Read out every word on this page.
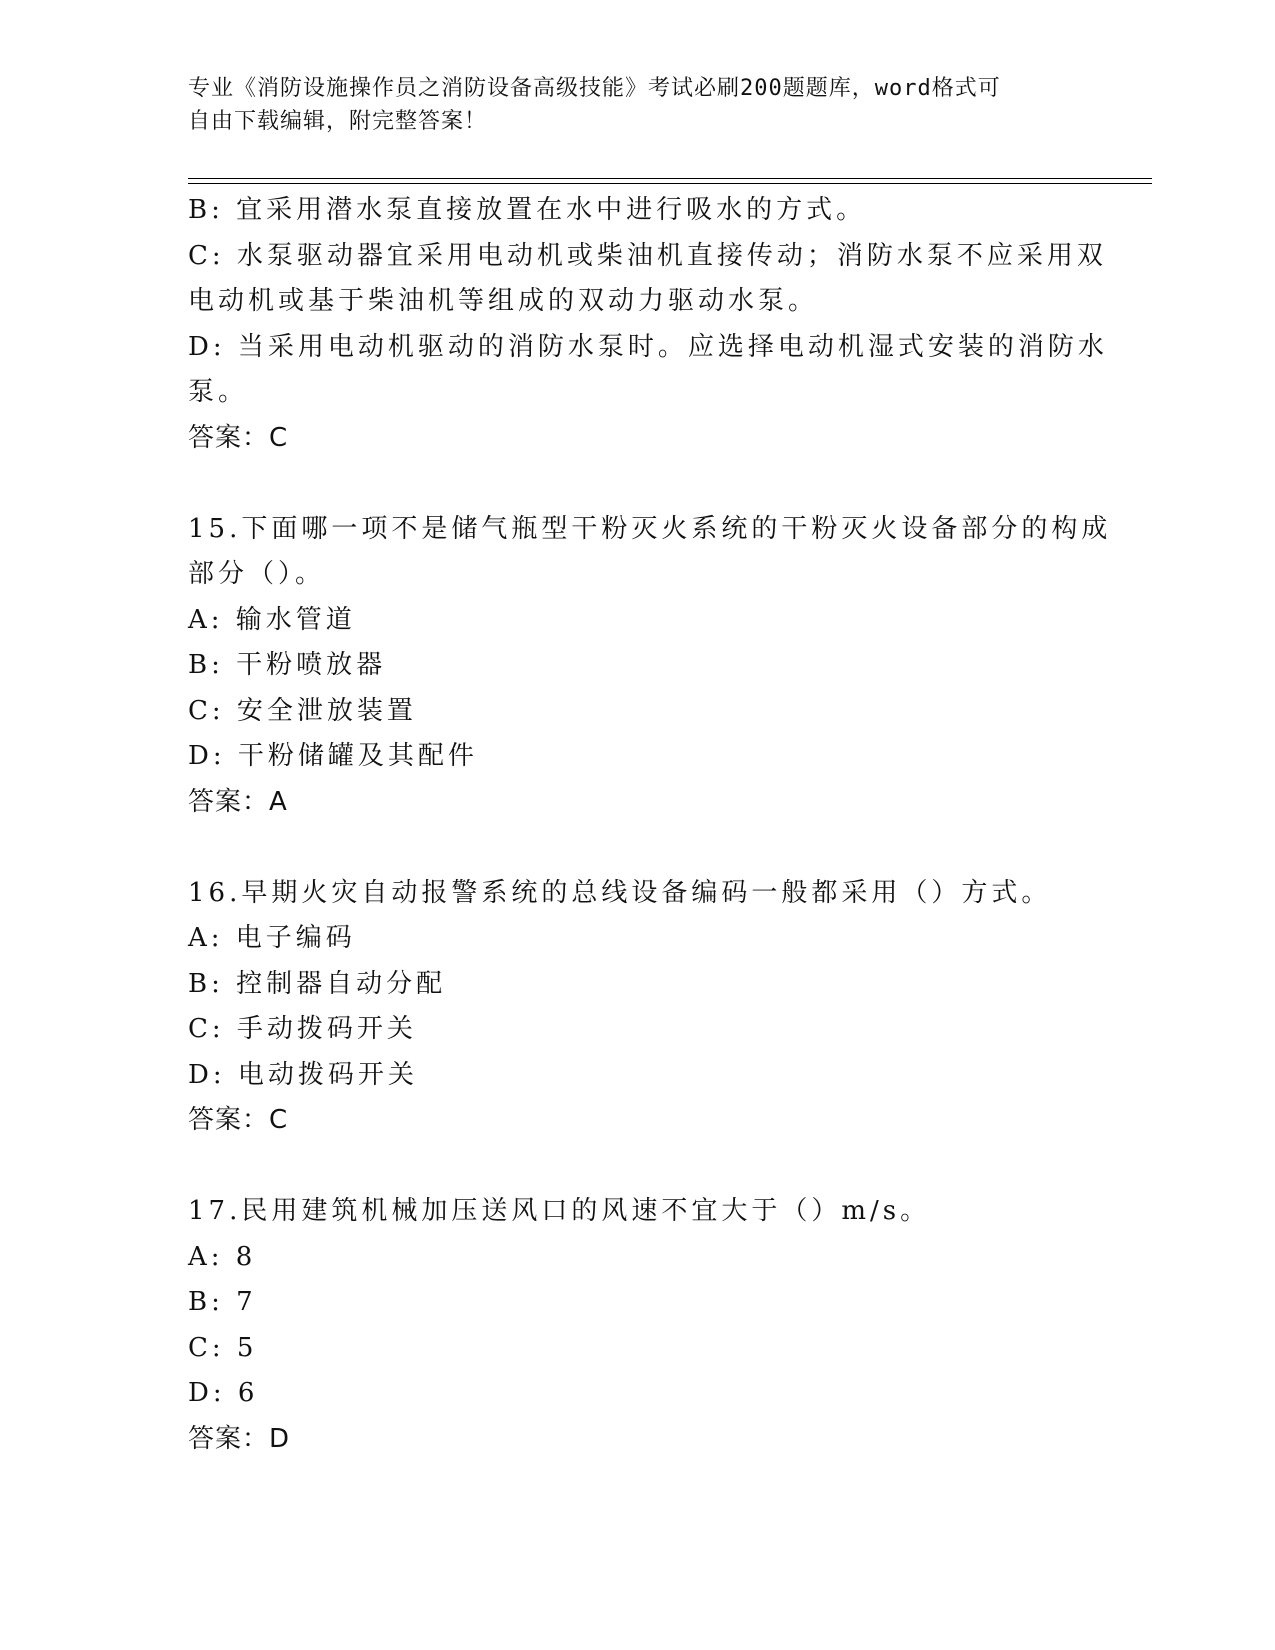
专业《消防设施操作员之消防设备高级技能》考试必刷200题题库，word格式可
自由下载编辑，附完整答案！
B: 宜采用潜水泵直接放置在水中进行吸水的方式。
C: 水泵驱动器宜采用电动机或柴油机直接传动；消防水泵不应采用双
电动机或基于柴油机等组成的双动力驱动水泵。
D: 当采用电动机驱动的消防水泵时。应选择电动机湿式安装的消防水
泵。
答案：C
15.下面哪一项不是储气瓶型干粉灭火系统的干粉灭火设备部分的构成
部分（）。
A: 输水管道
B: 干粉喷放器
C: 安全泄放装置
D: 干粉储罐及其配件
答案：A
16.早期火灾自动报警系统的总线设备编码一般都采用（）方式。
A: 电子编码
B: 控制器自动分配
C: 手动拨码开关
D: 电动拨码开关
答案：C
17.民用建筑机械加压送风口的风速不宜大于（）m/s。
A: 8
B: 7
C: 5
D: 6
答案：D
